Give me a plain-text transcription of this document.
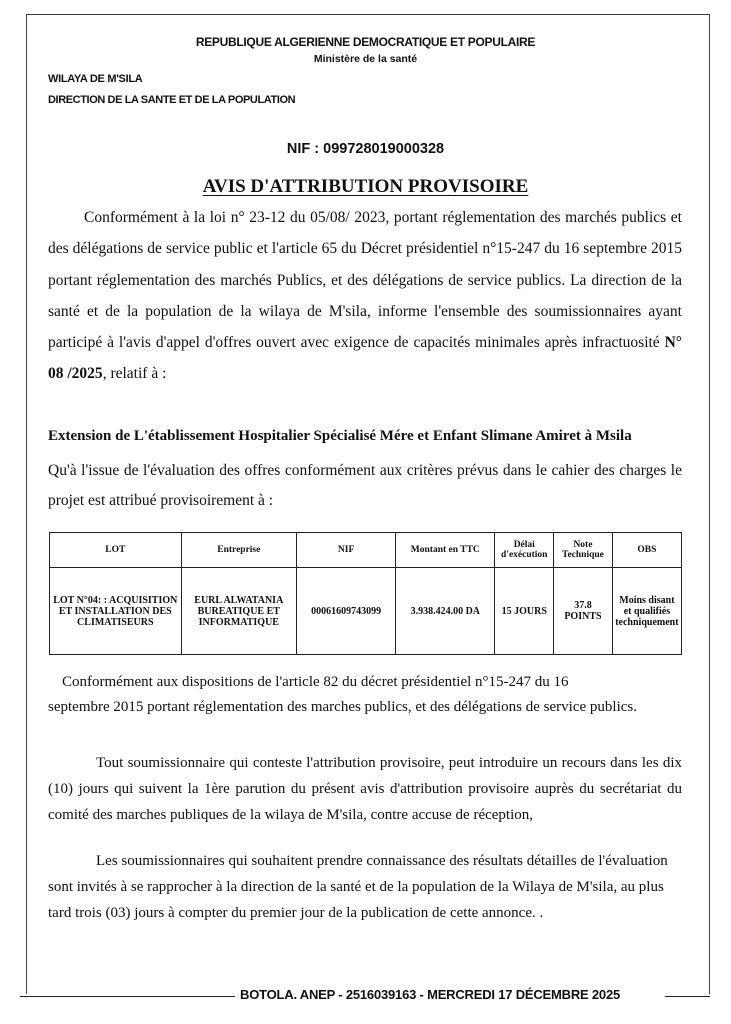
REPUBLIQUE ALGERIENNE DEMOCRATIQUE ET POPULAIRE
Ministère de la santé
WILAYA DE M'SILA
DIRECTION DE LA SANTE ET DE LA POPULATION
NIF : 099728019000328
AVIS D'ATTRIBUTION PROVISOIRE

Conformément à la loi n° 23-12 du 05/08/ 2023, portant réglementation des marchés publics et des délégations de service public et l'article 65 du Décret présidentiel n°15-247 du 16 septembre 2015 portant réglementation des marchés Publics, et des délégations de service publics. La direction de la santé et de la population de la wilaya de M'sila, informe l'ensemble des soumissionnaires ayant participé à l'avis d'appel d'offres ouvert avec exigence de capacités minimales après infractuosité N° 08 /2025, relatif à :

Extension de L'établissement Hospitalier Spécialisé Mére et Enfant Slimane Amiret à Msila

Qu'à l'issue de l'évaluation des offres conformément aux critères prévus dans le cahier des charges le projet est attribué provisoirement à :

LOT	Entreprise	NIF	Montant en TTC	Délai d'exécution	Note Technique	OBS
LOT N°04: : ACQUISITION ET INSTALLATION DES CLIMATISEURS	EURL ALWATANIA BUREATIQUE ET INFORMATIQUE	00061609743099	3.938.424.00 DA	15 JOURS	37.8 POINTS	Moins disant et qualifiés techniquement

Conformément aux dispositions de l'article 82 du décret présidentiel n°15-247 du 16
septembre 2015 portant réglementation des marches publics, et des délégations de service publics.

Tout soumissionnaire qui conteste l'attribution provisoire, peut introduire un recours dans les dix (10) jours qui suivent la 1ère parution du présent avis d'attribution provisoire auprès du secrétariat du comité des marches publiques de la wilaya de M'sila, contre accuse de réception,

Les soumissionnaires qui souhaitent prendre connaissance des résultats détailles de l'évaluation sont invités à se rapprocher à la direction de la santé et de la population de la Wilaya de M'sila, au plus tard trois (03) jours à compter du premier jour de la publication de cette annonce. .

BOTOLA. ANEP - 2516039163 - MERCREDI 17 DÉCEMBRE 2025
